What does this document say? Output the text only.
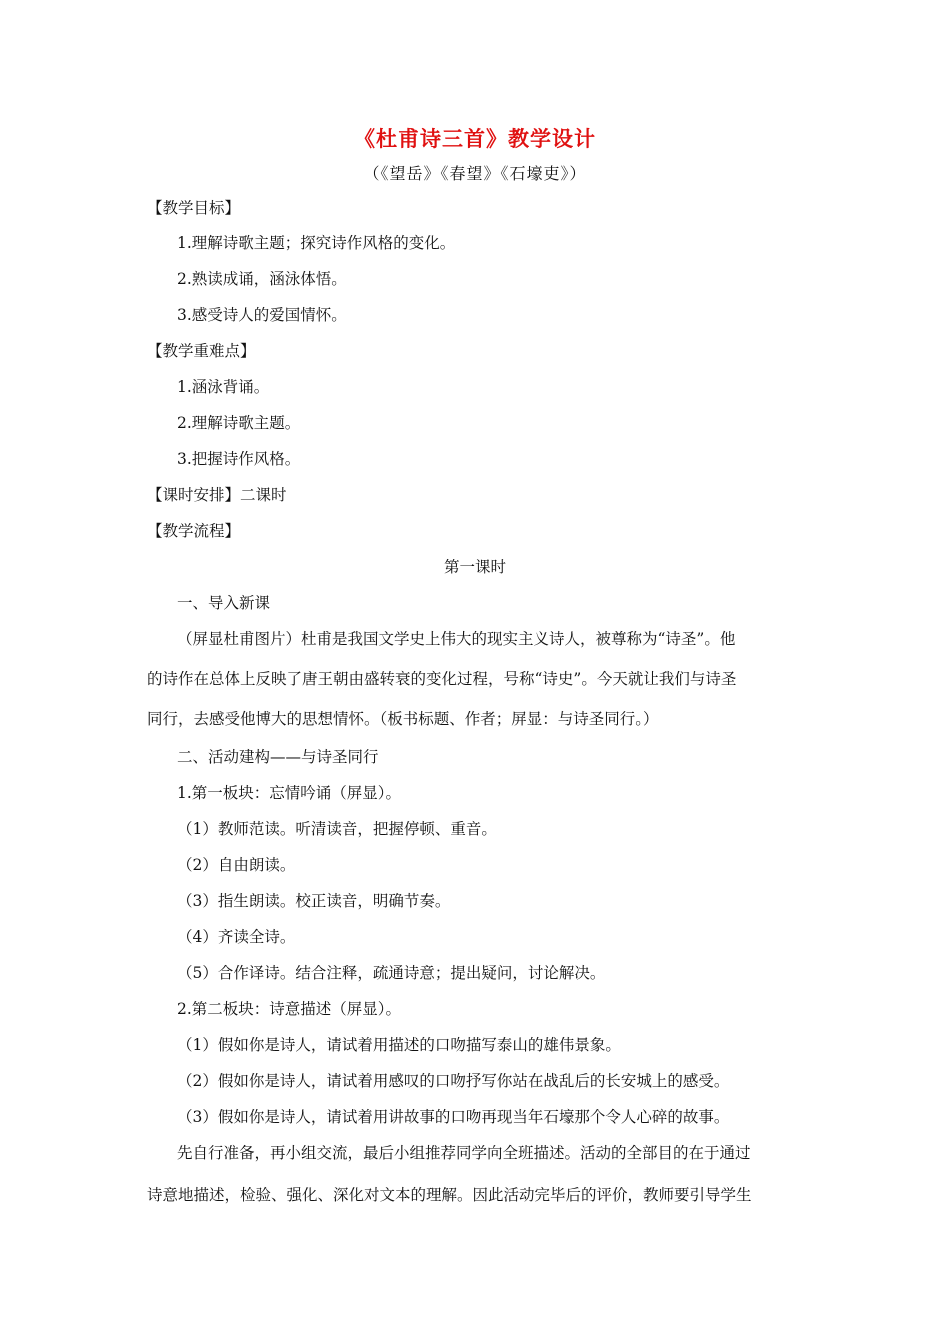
《杜甫诗三首》教学设计
（《望岳》《春望》《石壕吏》）
【教学目标】
1.理解诗歌主题；探究诗作风格的变化。
2.熟读成诵，涵泳体悟。
3.感受诗人的爱国情怀。
【教学重难点】
1.涵泳背诵。
2.理解诗歌主题。
3.把握诗作风格。
【课时安排】二课时
【教学流程】
第一课时
一、导入新课
（屏显杜甫图片）杜甫是我国文学史上伟大的现实主义诗人，被尊称为“诗圣”。他
的诗作在总体上反映了唐王朝由盛转衰的变化过程，号称“诗史”。今天就让我们与诗圣
同行，去感受他博大的思想情怀。（板书标题、作者；屏显：与诗圣同行。）
二、活动建构——与诗圣同行
1.第一板块：忘情吟诵（屏显）。
（1）教师范读。听清读音，把握停顿、重音。
（2）自由朗读。
（3）指生朗读。校正读音，明确节奏。
（4）齐读全诗。
（5）合作译诗。结合注释，疏通诗意；提出疑问，讨论解决。
2.第二板块：诗意描述（屏显）。
（1）假如你是诗人，请试着用描述的口吻描写泰山的雄伟景象。
（2）假如你是诗人，请试着用感叹的口吻抒写你站在战乱后的长安城上的感受。
（3）假如你是诗人，请试着用讲故事的口吻再现当年石壕那个令人心碎的故事。
先自行准备，再小组交流，最后小组推荐同学向全班描述。活动的全部目的在于通过
诗意地描述，检验、强化、深化对文本的理解。因此活动完毕后的评价，教师要引导学生
